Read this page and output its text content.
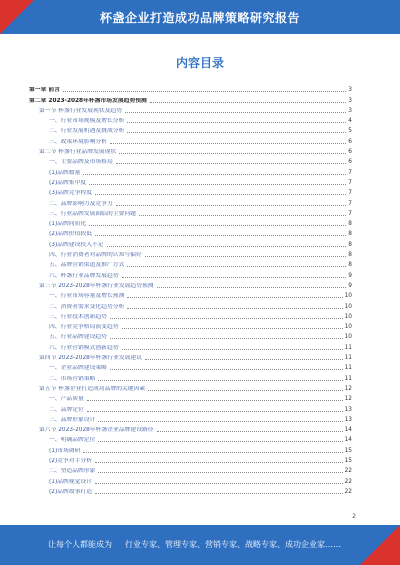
杯盏企业打造成功品牌策略研究报告
内容目录
第一章 前言	3
第二章 2023-2028年杯盏市场发展趋势预测	3
第一节 杯盏行业发展现状及趋势	3
一、行业市场规模及增长分析	4
二、行业发展机遇及挑战分析	5
三、政策环境影响分析	6
第二节 杯盏行业品牌发展现状	6
一、主要品牌及市场格局	6
(1)品牌数量	7
(2)品牌集中度	7
(3)品牌竞争程度	7
二、品牌影响力及竞争力	7
三、行业品牌发展面临的主要问题	7
(1)品牌同质化	8
(2)品牌价值较低	8
(3)品牌建设投入不足	8
四、行业消费者对品牌的认知与偏好	8
五、品牌营销渠道及推广方式	8
六、杯盏行业品牌发展趋势	9
第三节 2023-2028年杯盏行业发展趋势预测	9
一、行业市场容量及增长预测	10
二、消费者需求变化趋势分析	10
三、行业技术创新趋势	10
四、行业竞争格局演变趋势	10
五、行业品牌建设趋势	10
六、行业营销模式创新趋势	11
第四节 2023-2028年杯盏行业发展建议	11
一、企业品牌建设策略	11
二、市场营销策略	11
第五节 杯盏企业打造成功品牌的关键因素	12
一、产品质量	12
二、品牌定位	13
三、品牌形象设计	13
第六节 2023-2028年杯盏企业品牌建设路径	14
一、明确品牌定位	14
(1)市场调研	15
(2)竞争对手分析	15
二、塑造品牌形象	22
(1)品牌视觉设计	22
(2)品牌故事打造	22
2
让每个人都能成为 行业专家、管理专家、营销专家、战略专家、成功企业家……
